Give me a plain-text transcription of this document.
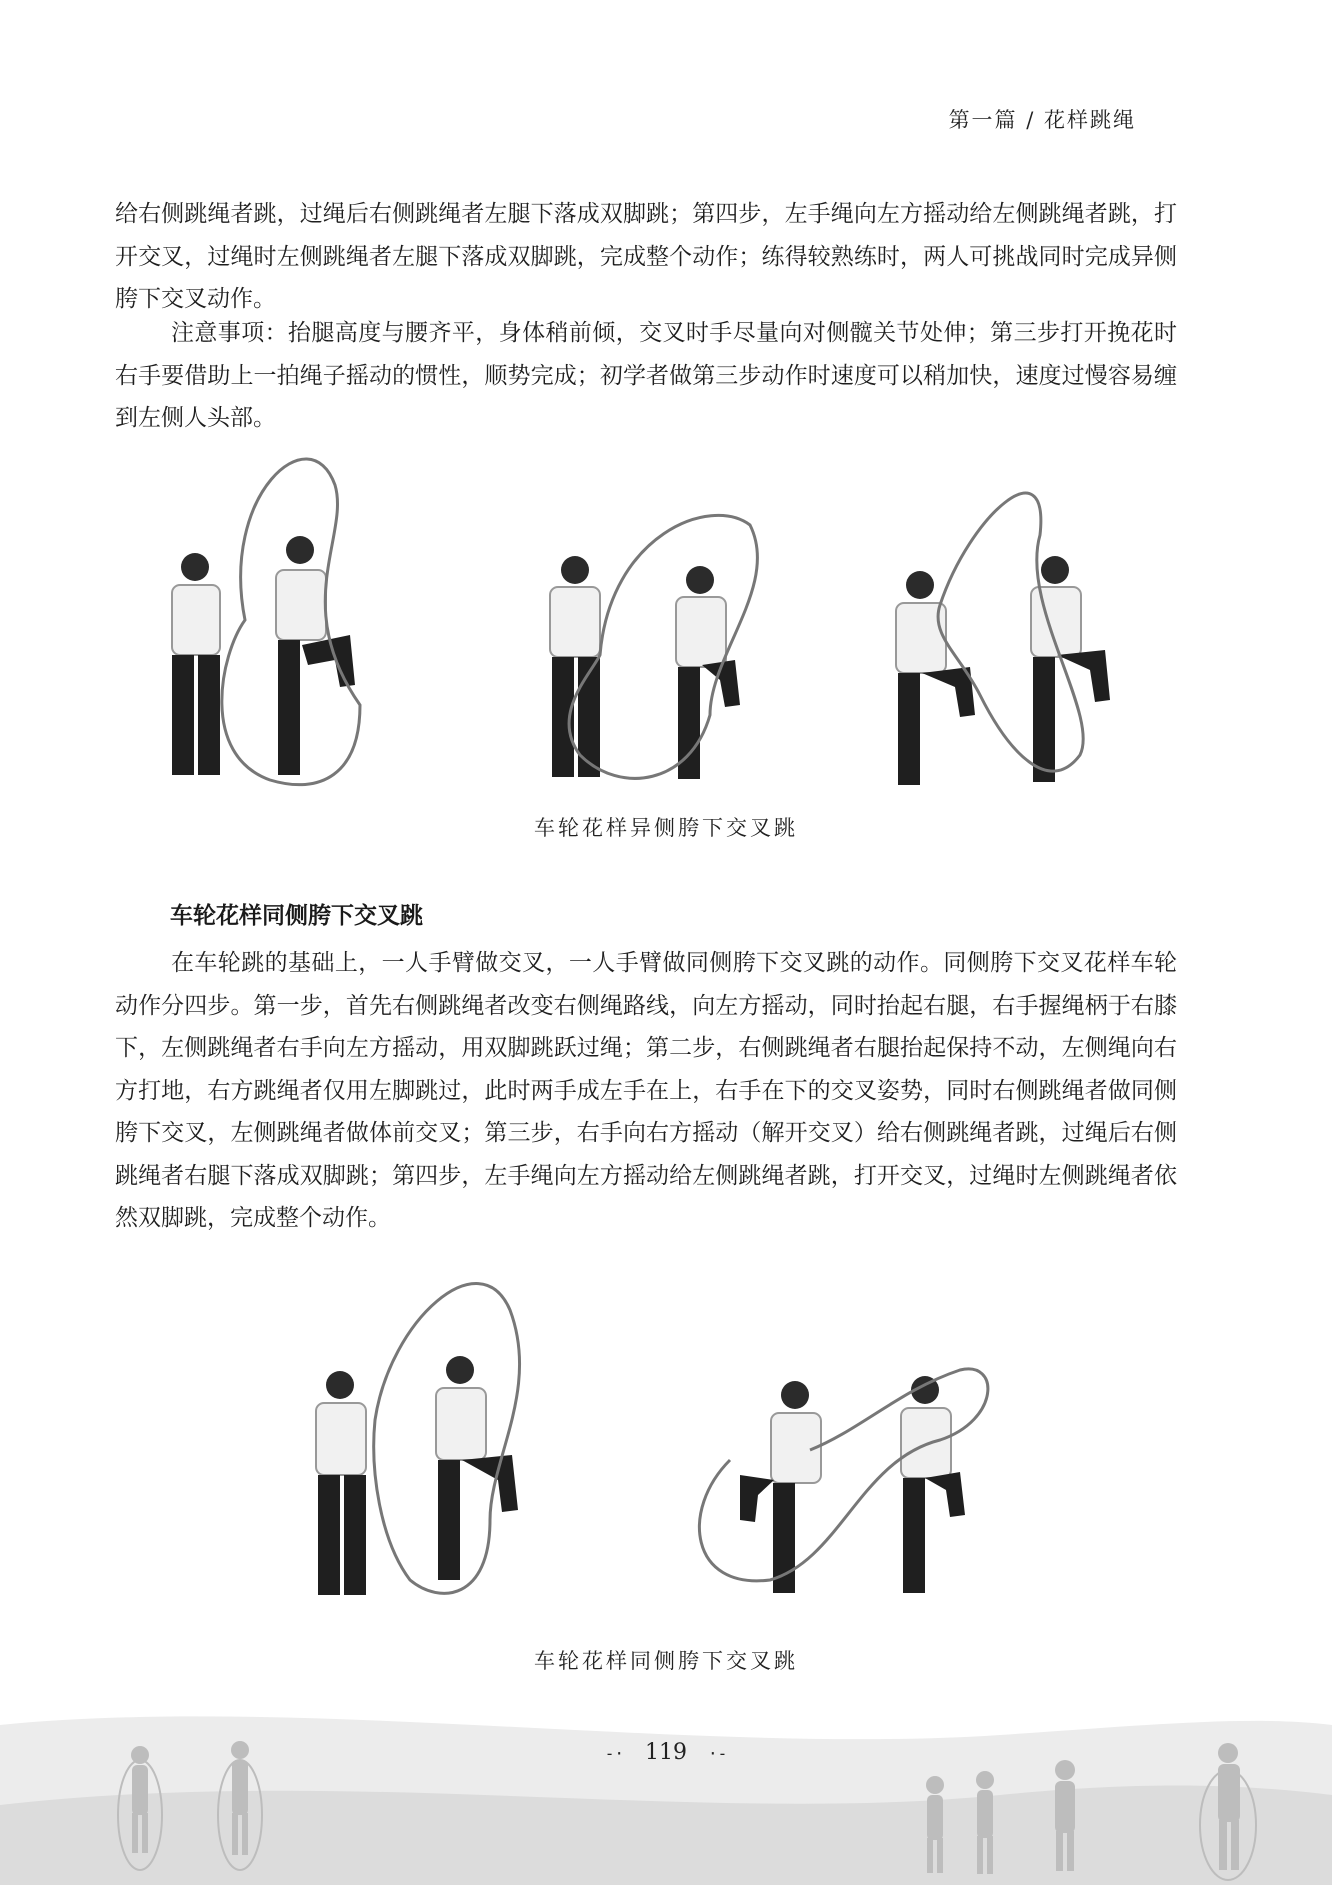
第一篇 / 花样跳绳

给右侧跳绳者跳，过绳后右侧跳绳者左腿下落成双脚跳；第四步，左手绳向左方摇动给左侧跳绳者跳，打开交叉，过绳时左侧跳绳者左腿下落成双脚跳，完成整个动作；练得较熟练时，两人可挑战同时完成异侧胯下交叉动作。

注意事项：抬腿高度与腰齐平，身体稍前倾，交叉时手尽量向对侧髋关节处伸；第三步打开挽花时右手要借助上一拍绳子摇动的惯性，顺势完成；初学者做第三步动作时速度可以稍加快，速度过慢容易缠到左侧人头部。

车轮花样异侧胯下交叉跳
车轮花样同侧胯下交叉跳

在车轮跳的基础上，一人手臂做交叉，一人手臂做同侧胯下交叉跳的动作。同侧胯下交叉花样车轮动作分四步。第一步，首先右侧跳绳者改变右侧绳路线，向左方摇动，同时抬起右腿，右手握绳柄于右膝下，左侧跳绳者右手向左方摇动，用双脚跳跃过绳；第二步，右侧跳绳者右腿抬起保持不动，左侧绳向右方打地，右方跳绳者仅用左脚跳过，此时两手成左手在上，右手在下的交叉姿势，同时右侧跳绳者做同侧胯下交叉，左侧跳绳者做体前交叉；第三步，右手向右方摇动（解开交叉）给右侧跳绳者跳，过绳后右侧跳绳者右腿下落成双脚跳；第四步，左手绳向左方摇动给左侧跳绳者跳，打开交叉，过绳时左侧跳绳者依然双脚跳，完成整个动作。

车轮花样同侧胯下交叉跳
-· 119 ·-
